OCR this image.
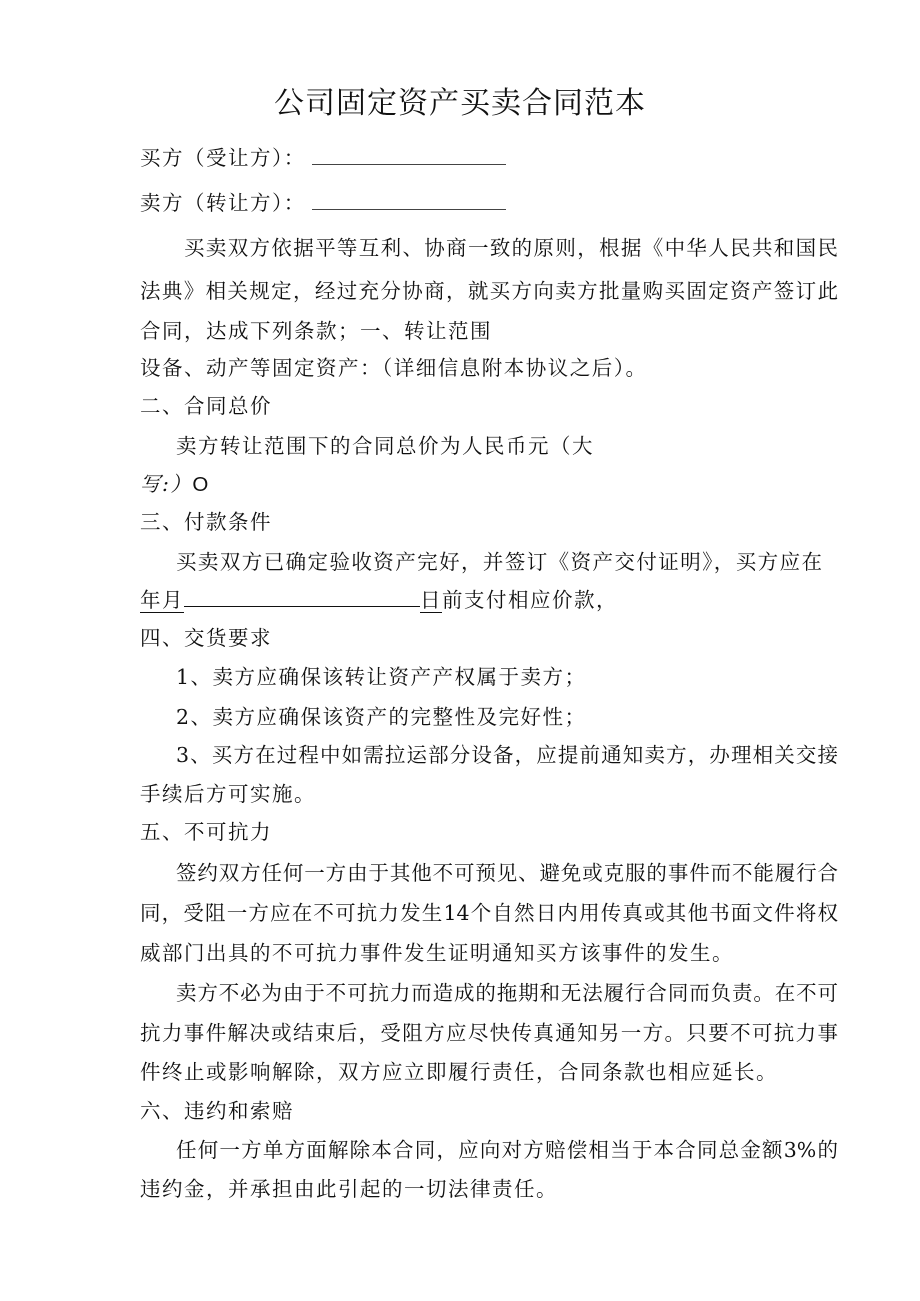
公司固定资产买卖合同范本
买方（受让方）：
卖方（转让方）：
买卖双方依据平等互利、协商一致的原则，根据《中华人民共和国民
法典》相关规定，经过充分协商，就买方向卖方批量购买固定资产签订此
合同，达成下列条款；一、转让范围
设备、动产等固定资产：（详细信息附本协议之后）。
二、合同总价
卖方转让范围下的合同总价为人民币元（大
写:）O
三、付款条件
买卖双方已确定验收资产完好，并签订《资产交付证明》，买方应在
年月	日前支付相应价款，
四、交货要求
1、卖方应确保该转让资产产权属于卖方；
2、卖方应确保该资产的完整性及完好性；
3、买方在过程中如需拉运部分设备，应提前通知卖方，办理相关交接
手续后方可实施。
五、不可抗力
签约双方任何一方由于其他不可预见、避免或克服的事件而不能履行合
同，受阻一方应在不可抗力发生14个自然日内用传真或其他书面文件将权
威部门出具的不可抗力事件发生证明通知买方该事件的发生。
卖方不必为由于不可抗力而造成的拖期和无法履行合同而负责。在不可
抗力事件解决或结束后，受阻方应尽快传真通知另一方。只要不可抗力事
件终止或影响解除，双方应立即履行责任，合同条款也相应延长。
六、违约和索赔
任何一方单方面解除本合同，应向对方赔偿相当于本合同总金额3%的
违约金，并承担由此引起的一切法律责任。
